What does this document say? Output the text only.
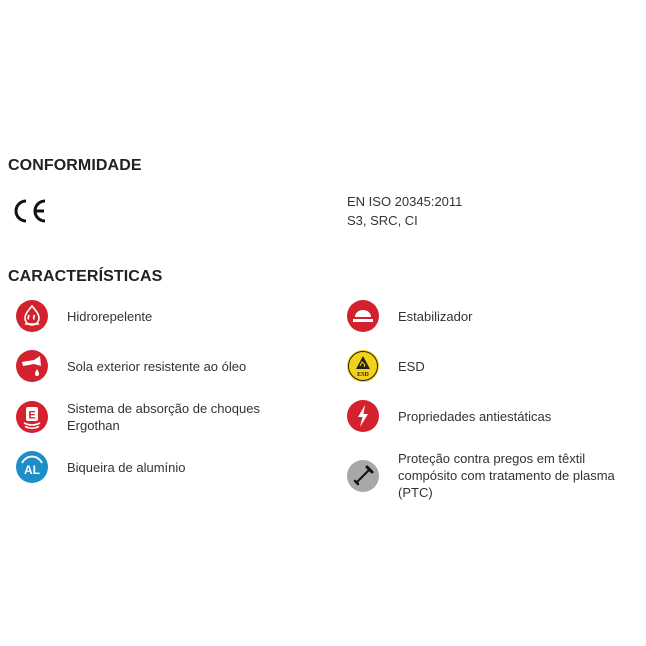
CONFORMIDADE
EN ISO 20345:2011
S3, SRC, CI
CARACTERÍSTICAS
Hidrorepelente
Sola exterior resistente ao óleo
E Sistema de absorção de choques
Ergothan
AL Biqueira de alumínio
Estabilizador
ESD
ESD
Propriedades antiestáticas
Proteção contra pregos em têxtil
compósito com tratamento de plasma
(PTC)
